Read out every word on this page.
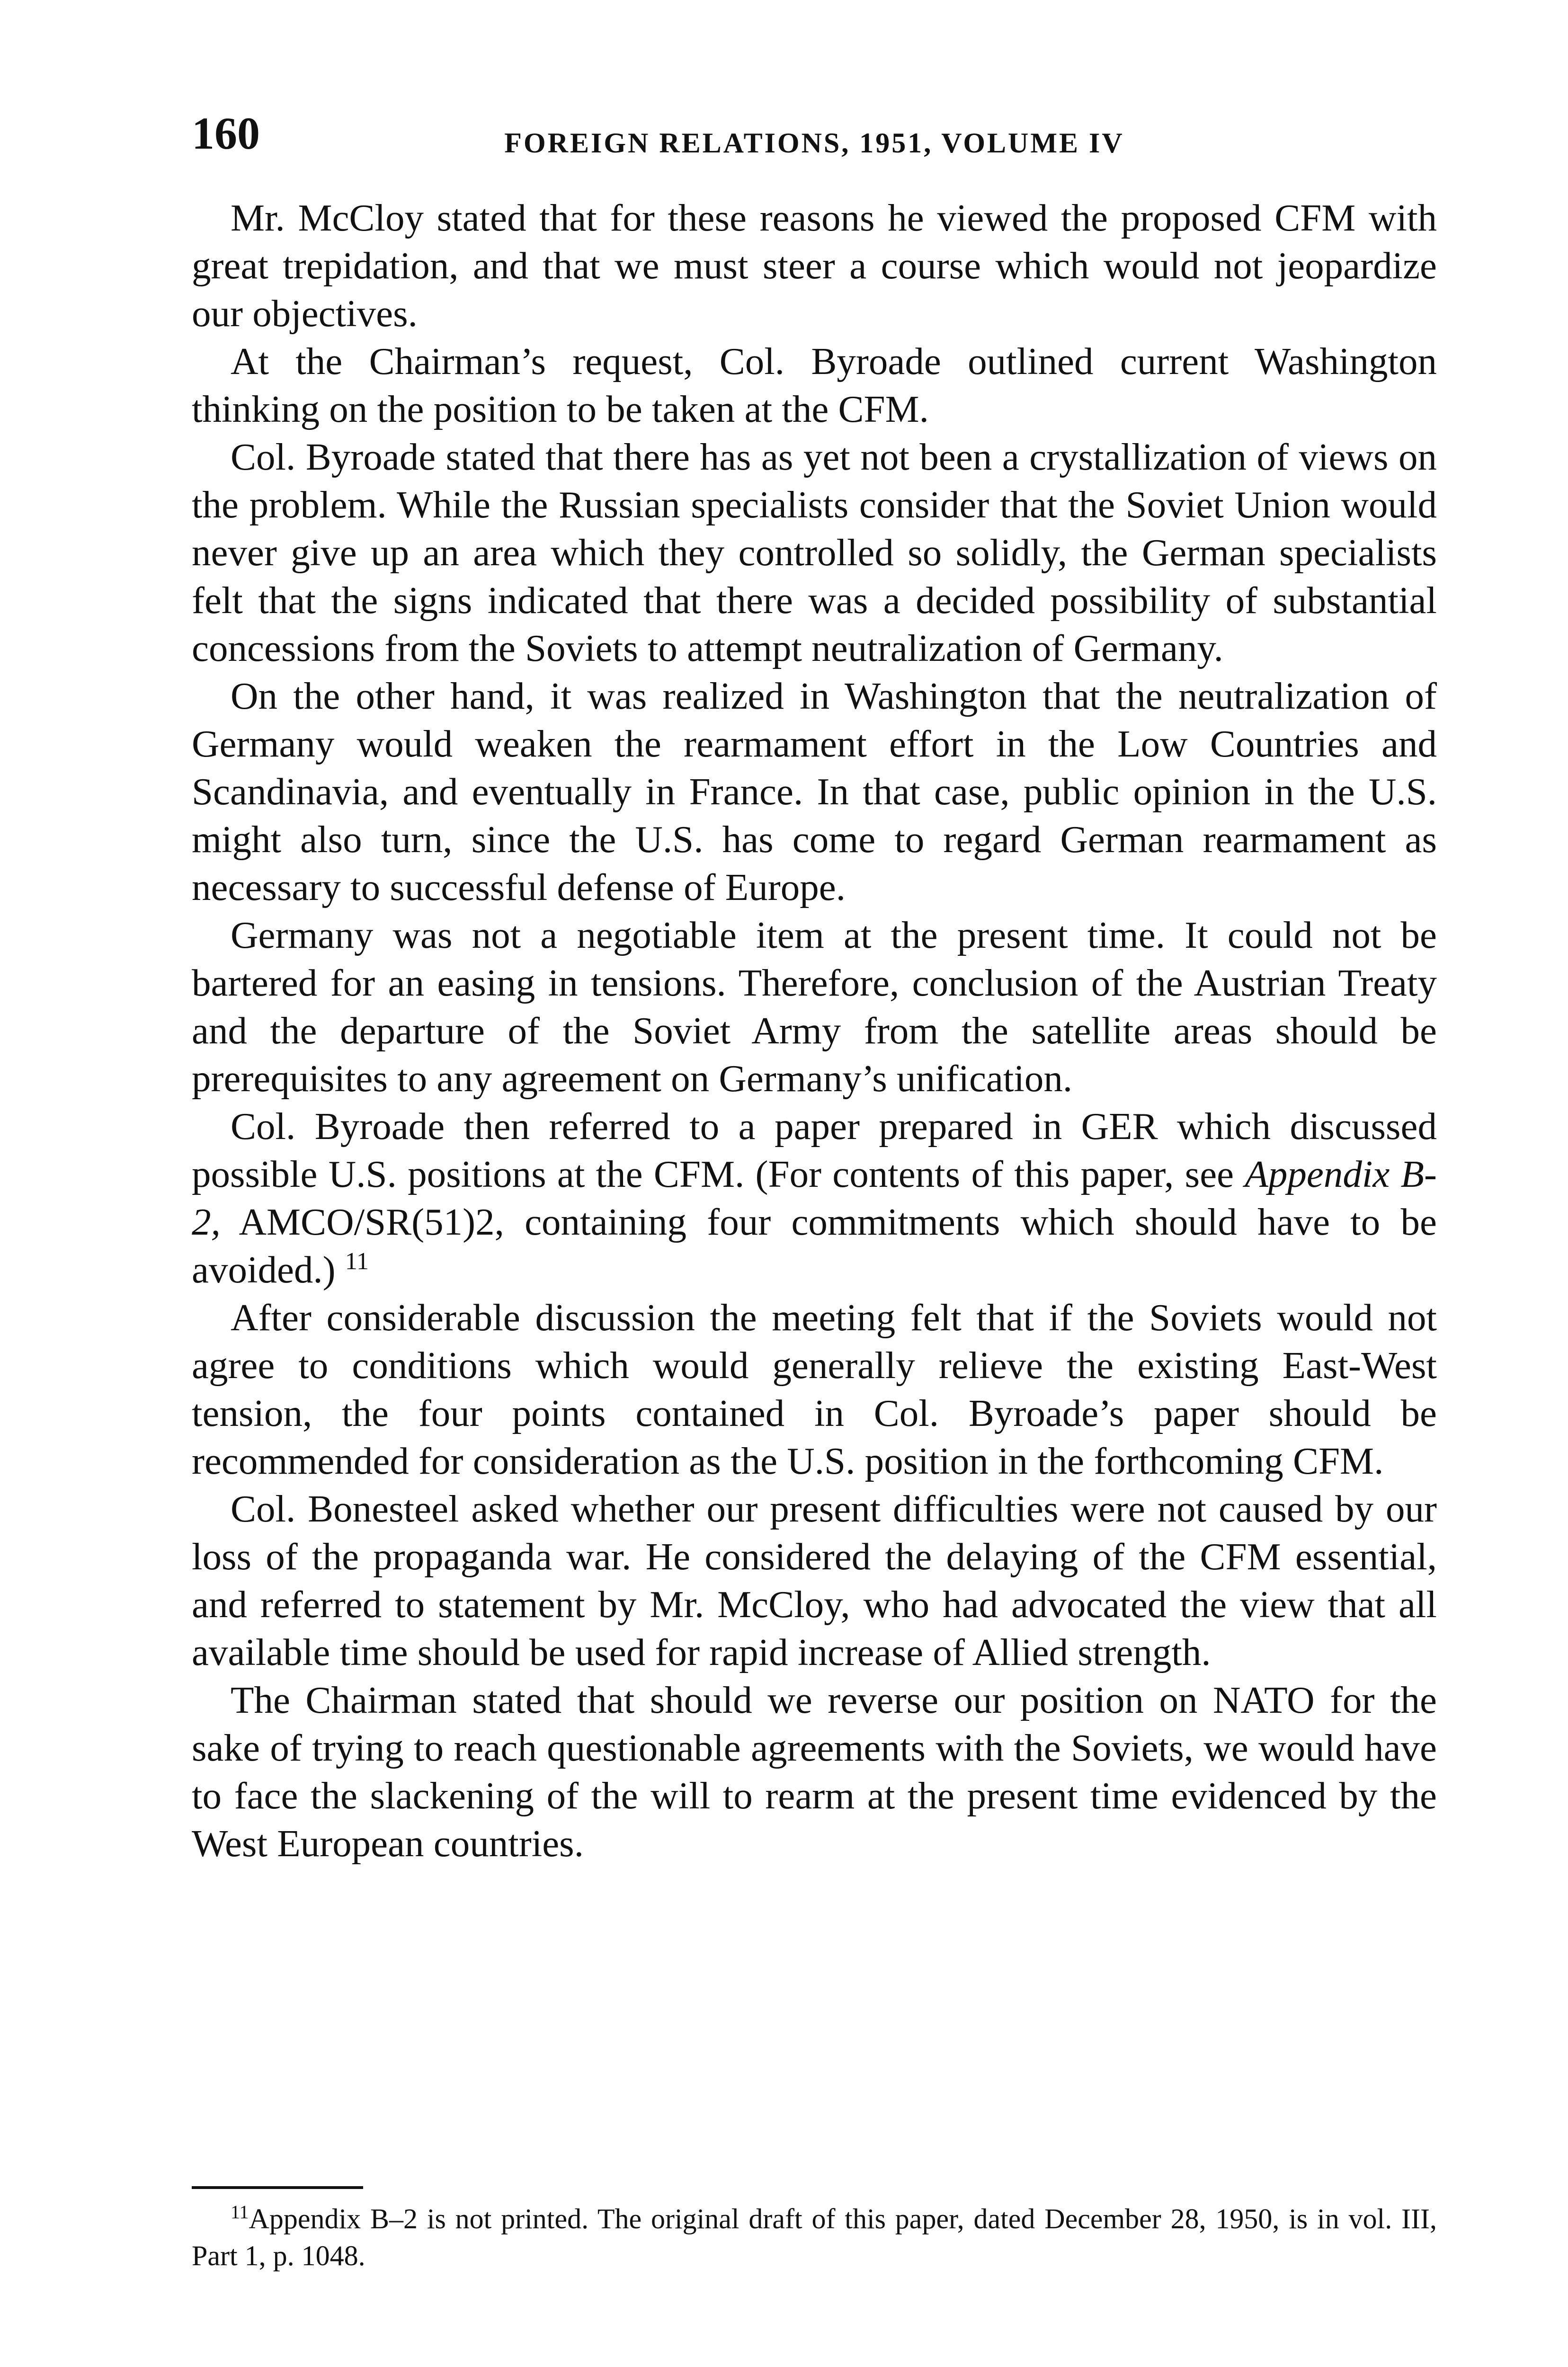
160	FOREIGN RELATIONS, 1951, VOLUME IV

Mr. McCloy stated that for these reasons he viewed the proposed CFM with great trepidation, and that we must steer a course which would not jeopardize our objectives.

At the Chairman’s request, Col. Byroade outlined current Washington thinking on the position to be taken at the CFM.

Col. Byroade stated that there has as yet not been a crystallization of views on the problem. While the Russian specialists consider that the Soviet Union would never give up an area which they controlled so solidly, the German specialists felt that the signs indicated that there was a decided possibility of substantial concessions from the Soviets to attempt neutralization of Germany.

On the other hand, it was realized in Washington that the neutralization of Germany would weaken the rearmament effort in the Low Countries and Scandinavia, and eventually in France. In that case, public opinion in the U.S. might also turn, since the U.S. has come to regard German rearmament as necessary to successful defense of Europe.

Germany was not a negotiable item at the present time. It could not be bartered for an easing in tensions. Therefore, conclusion of the Austrian Treaty and the departure of the Soviet Army from the satellite areas should be prerequisites to any agreement on Germany’s unification.

Col. Byroade then referred to a paper prepared in GER which discussed possible U.S. positions at the CFM. (For contents of this paper, see Appendix B-2, AMCO/SR(51)2, containing four commitments which should have to be avoided.) $^{11}$

After considerable discussion the meeting felt that if the Soviets would not agree to conditions which would generally relieve the existing East-West tension, the four points contained in Col. Byroade’s paper should be recommended for consideration as the U.S. position in the forthcoming CFM.

Col. Bonesteel asked whether our present difficulties were not caused by our loss of the propaganda war. He considered the delaying of the CFM essential, and referred to statement by Mr. McCloy, who had advocated the view that all available time should be used for rapid increase of Allied strength.

The Chairman stated that should we reverse our position on NATO for the sake of trying to reach questionable agreements with the Soviets, we would have to face the slackening of the will to rearm at the present time evidenced by the West European countries.

$^{11}$Appendix B–2 is not printed. The original draft of this paper, dated December 28, 1950, is in vol. III, Part 1, p. 1048.
